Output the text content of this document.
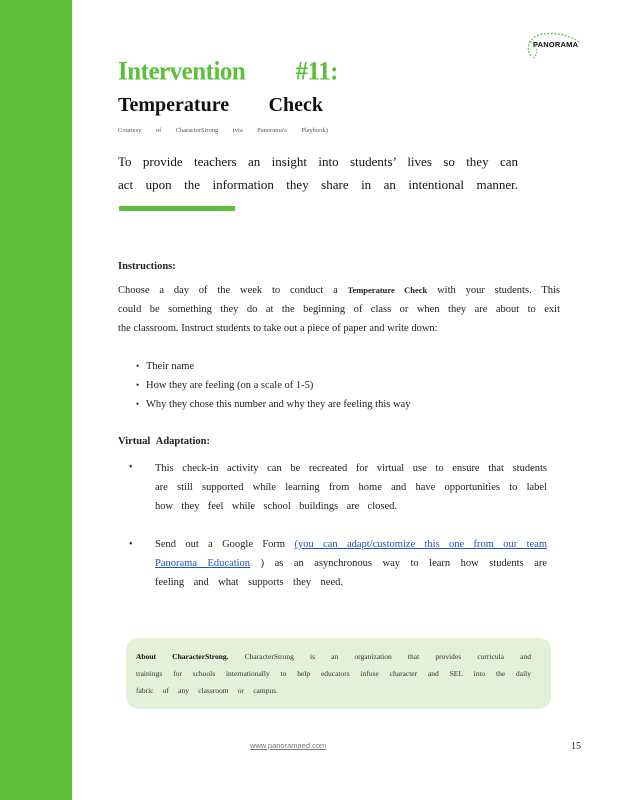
PANORAMA
Intervention #11:
Temperature Check
Courtesy of CharacterStrong (via Panorama's Playbook)
To provide teachers an insight into students’ lives so they can
act upon the information they share in an intentional manner.
Instructions:
Choose a day of the week to conduct a Temperature Check with your students. This
could be something they do at the beginning of class or when they are about to exit
the classroom. Instruct students to take out a piece of paper and write down:
• Their name
• How they are feeling (on a scale of 1-5)
• Why they chose this number and why they are feeling this way
Virtual Adaptation:
• This check-in activity can be recreated for virtual use to ensure that students
are still supported while learning from home and have opportunities to label
how they feel while school buildings are closed.
• Send out a Google Form (you can adapt/customize this one from our team
Panorama Education ) as an asynchronous way to learn how students are
feeling and what supports they need.
About CharacterStrong. CharacterStrong is an organization that provides curricula and
trainings for schools internationally to help educators infuse character and SEL into the daily
fabric of any classroom or campus.
www.panoramaed.com	15
